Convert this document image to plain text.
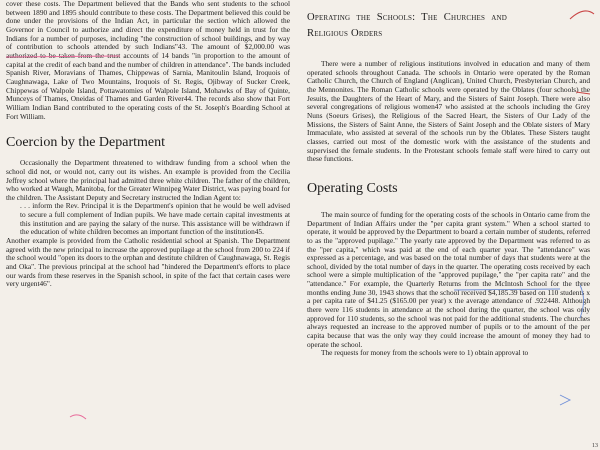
cover these costs. The Department believed that the Bands who sent students to the school between 1890 and 1895 should contribute to these costs. The Department believed this could be done under the provisions of the Indian Act, in particular the section which allowed the Governor in Council to authorize and direct the expenditure of money held in trust for the Indians for a number of purposes, including "the construction of school buildings, and by way of contribution to schools attended by such Indians"43. The amount of $2,000.00 was authorized to be taken from the trust accounts of 14 bands "in proportion to the amount of capital at the credit of each band and the number of children in attendance". The bands included Spanish River, Moravians of Thames, Chippewas of Sarnia, Manitoulin Island, Iroquois of Caughnawaga, Lake of Two Mountains, Iroquois of St. Regis, Ojibway of Sucker Creek, Chippewas of Walpole Island, Pottawatomies of Walpole Island, Mohawks of Bay of Quinte, Munceys of Thames, Oneidas of Thames and Garden River44. The records also show that Fort William Indian Band contributed to the operating costs of the St. Joseph's Boarding School at Fort William.

Coercion by the Department

Occasionally the Department threatened to withdraw funding from a school when the school did not, or would not, carry out its wishes. An example is provided from the Cecilia Jeffrey school where the principal had admitted three white children. The father of the children, who worked at Waugh, Manitoba, for the Greater Winnipeg Water District, was paying board for the children. The Assistant Deputy and Secretary instructed the Indian Agent to:

. . . inform the Rev. Principal it is the Department's opinion that he would be well advised to secure a full complement of Indian pupils. We have made certain capital investments at this institution and are paying the salary of the nurse. This assistance will be withdrawn if the education of white children becomes an important function of the institution45.

Another example is provided from the Catholic residential school at Spanish. The Department agreed with the new principal to increase the approved pupilage at the school from 200 to 224 if the school would "open its doors to the orphan and destitute children of Caughnawaga, St. Regis and Oka". The previous principal at the school had "hindered the Department's efforts to place our wards from these reserves in the Spanish school, in spite of the fact that certain cases were very urgent46".

Operating the Schools: The Churches and Religious Orders

There were a number of religious institutions involved in education and many of them operated schools throughout Canada. The schools in Ontario were operated by the Roman Catholic Church, the Church of England (Anglican), United Church, Presbyterian Church, and the Mennonites. The Roman Catholic schools were operated by the Oblates (four schools) the Jesuits, the Daughters of the Heart of Mary, and the Sisters of Saint Joseph. There were also several congregations of religious women47 who assisted at the schools including the Grey Nuns (Soeurs Grises), the Religious of the Sacred Heart, the Sisters of Our Lady of the Missions, the Sisters of Saint Anne, the Sisters of Saint Joseph and the Oblate sisters of Mary Immaculate, who assisted at several of the schools run by the Oblates. These Sisters taught classes, carried out most of the domestic work with the assistance of the students and supervised the female students. In the Protestant schools female staff were hired to carry out these functions.

Operating Costs

The main source of funding for the operating costs of the schools in Ontario came from the Department of Indian Affairs under the "per capita grant system." When a school started to operate, it would be approved by the Department to board a certain number of students, referred to as the "approved pupilage." The yearly rate approved by the Department was referred to as the "per capita," which was paid at the end of each quarter year. The "attendance" was expressed as a percentage, and was based on the total number of days that students were at the school, divided by the total number of days in the quarter. The operating costs received by each school were a simple multiplication of the "approved pupilage," the "per capita rate" and the "attendance." For example, the Quarterly Returns from the McIntosh School for the three months ending June 30, 1943 shows that the school received $4,185.39 based on 110 students x a per capita rate of $41.25 ($165.00 per year) x the average attendance of .922448. Although there were 116 students in attendance at the school during the quarter, the school was only approved for 110 students, so the school was not paid for the additional students. The churches always requested an increase to the approved number of pupils or to the amount of the per capita because that was the only way they could increase the amount of money they had to operate the school.

The requests for money from the schools were to 1) obtain approval to

13
